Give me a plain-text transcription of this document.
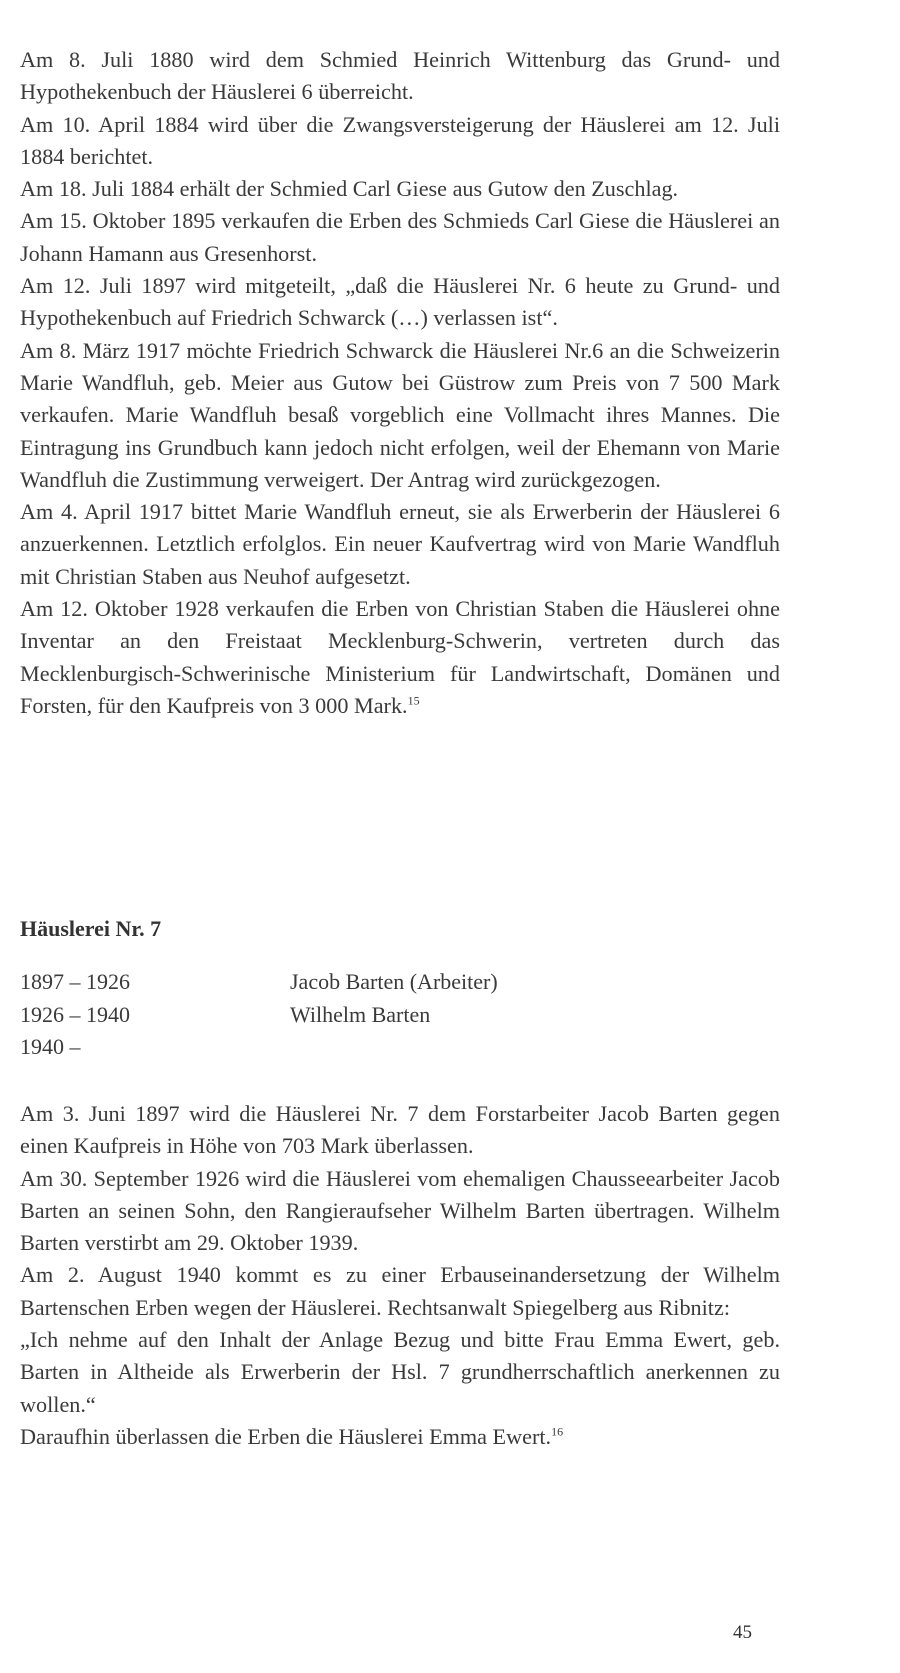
Am 8. Juli 1880 wird dem Schmied Heinrich Wittenburg das Grund- und Hypothekenbuch der Häuslerei 6 überreicht.

Am 10. April 1884 wird über die Zwangsversteigerung der Häuslerei am 12. Juli 1884 berichtet.

Am 18. Juli 1884 erhält der Schmied Carl Giese aus Gutow den Zuschlag.

Am 15. Oktober 1895 verkaufen die Erben des Schmieds Carl Giese die Häuslerei an Johann Hamann aus Gresenhorst.

Am 12. Juli 1897 wird mitgeteilt, „daß die Häuslerei Nr. 6 heute zu Grund- und Hypothekenbuch auf Friedrich Schwarck (…) verlassen ist“.

Am 8. März 1917 möchte Friedrich Schwarck die Häuslerei Nr.6 an die Schweizerin Marie Wandfluh, geb. Meier aus Gutow bei Güstrow zum Preis von 7 500 Mark verkaufen. Marie Wandfluh besaß vorgeblich eine Vollmacht ihres Mannes. Die Eintragung ins Grundbuch kann jedoch nicht erfolgen, weil der Ehemann von Marie Wandfluh die Zustimmung verweigert. Der Antrag wird zurückgezogen.

Am 4. April 1917 bittet Marie Wandfluh erneut, sie als Erwerberin der Häuslerei 6 anzuerkennen. Letztlich erfolglos. Ein neuer Kaufvertrag wird von Marie Wandfluh mit Christian Staben aus Neuhof aufgesetzt.

Am 12. Oktober 1928 verkaufen die Erben von Christian Staben die Häuslerei ohne Inventar an den Freistaat Mecklenburg-Schwerin, vertreten durch das Mecklenburgisch-Schwerinische Ministerium für Landwirtschaft, Domänen und Forsten, für den Kaufpreis von 3 000 Mark.$^{15}$

Häuslerei Nr. 7
1897 – 1926	Jacob Barten (Arbeiter)
1926 – 1940	Wilhelm Barten
1940 –

Am 3. Juni 1897 wird die Häuslerei Nr. 7 dem Forstarbeiter Jacob Barten gegen einen Kaufpreis in Höhe von 703 Mark überlassen.

Am 30. September 1926 wird die Häuslerei vom ehemaligen Chausseearbeiter Jacob Barten an seinen Sohn, den Rangieraufseher Wilhelm Barten übertragen. Wilhelm Barten verstirbt am 29. Oktober 1939.

Am 2. August 1940 kommt es zu einer Erbauseinandersetzung der Wilhelm Bartenschen Erben wegen der Häuslerei. Rechtsanwalt Spiegelberg aus Ribnitz:

„Ich nehme auf den Inhalt der Anlage Bezug und bitte Frau Emma Ewert, geb. Barten in Altheide als Erwerberin der Hsl. 7 grundherrschaftlich anerkennen zu wollen.“

Daraufhin überlassen die Erben die Häuslerei Emma Ewert.$^{16}$

45
